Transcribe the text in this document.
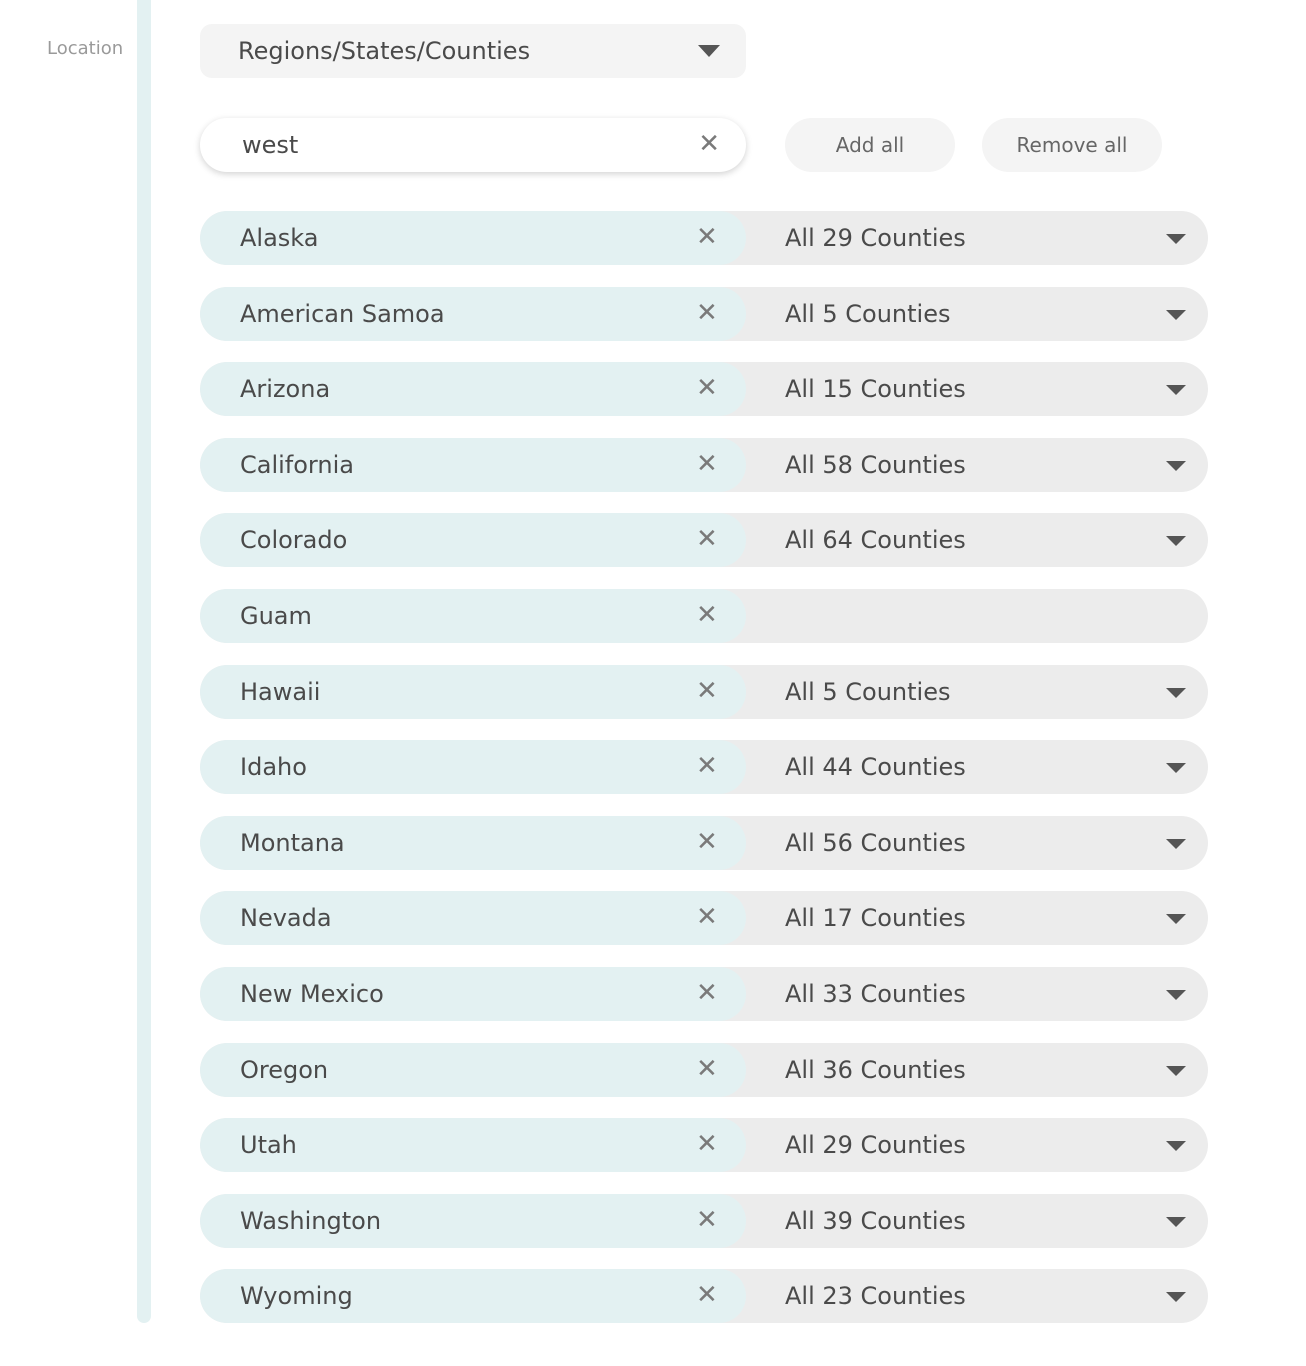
Location	Regions/States/Counties
west
✕	Add all	Remove all
Alaska	✕	All 29 Counties
American Samoa	✕	All 5 Counties
Arizona	✕	All 15 Counties
California	✕	All 58 Counties
Colorado	✕	All 64 Counties
Guam	✕
Hawaii	✕	All 5 Counties
Idaho	✕	All 44 Counties
Montana	✕	All 56 Counties
Nevada	✕	All 17 Counties
New Mexico	✕	All 33 Counties
Oregon	✕	All 36 Counties
Utah	✕	All 29 Counties
Washington	✕	All 39 Counties
Wyoming	✕	All 23 Counties
